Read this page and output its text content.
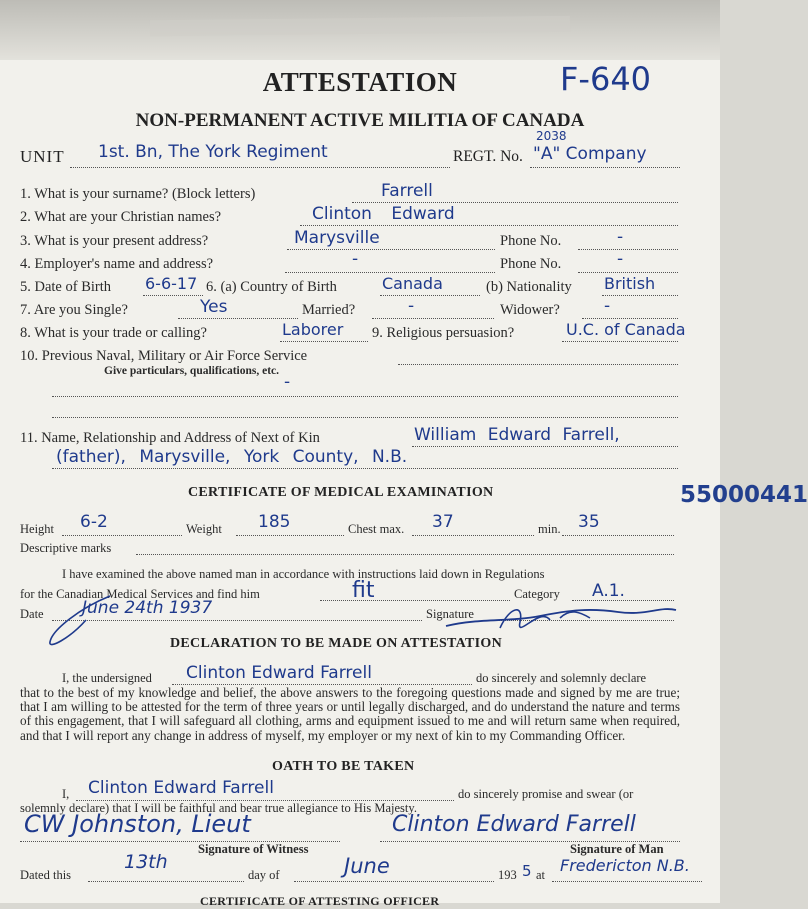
ATTESTATION	F-640
NON-PERMANENT ACTIVE MILITIA OF CANADA
UNIT 1st. Bn, The York Regiment	REGT. No.
2038
"A" Company
1. What is your surname? (Block letters)	Farrell
2. What are your Christian names?	Clinton Edward
3. What is your present address?	Marysville	Phone No.	-
4. Employer's name and address?	-	Phone No.	-
5. Date of Birth 6-6-17 6. (a) Country of Birth	Canada	(b) Nationality British
7. Are you Single?	Yes	Married?	-	Widower?	-
8. What is your trade or calling?	Laborer 9. Religious persuasion?	U.C. of Canada
10. Previous Naval, Military or Air Force Service
Give particulars, qualifications, etc.
-
11. Name, Relationship and Address of Next of Kin	William Edward Farrell,
(father), Marysville, York County, N.B.
CERTIFICATE OF MEDICAL EXAMINATION
Height 6-2	Weight 185	Chest max. 37	min. 35
Descriptive marks
I have examined the above named man in accordance with instructions laid down in Regulations
for the Canadian Medical Services and find him	fit	Category A.1.
Date June 24th 1937	Signature
DECLARATION TO BE MADE ON ATTESTATION
I, the undersigned Clinton Edward Farrell	do sincerely and solemnly declare
that to the best of my knowledge and belief, the above answers to the foregoing questions made and signed by me are true; that I am willing to be attested for the term of three years or until legally discharged, and do understand the nature and terms of this engagement, that I will safeguard all clothing, arms and equipment issued to me and will return same when required, and that I will report any change in address of myself, my employer or my next of kin to my Commanding Officer.
OATH TO BE TAKEN
I, Clinton Edward Farrell	do sincerely promise and swear (or
solemnly declare) that I will be faithful and bear true allegiance to His Majesty.
CW Johnston, Lieut
Signature of Witness
Clinton Edward Farrell
Signature of Man
Dated this
13th
day of	June	193 5 at Fredericton N.B.
CERTIFICATE OF ATTESTING OFFICER
55000441
